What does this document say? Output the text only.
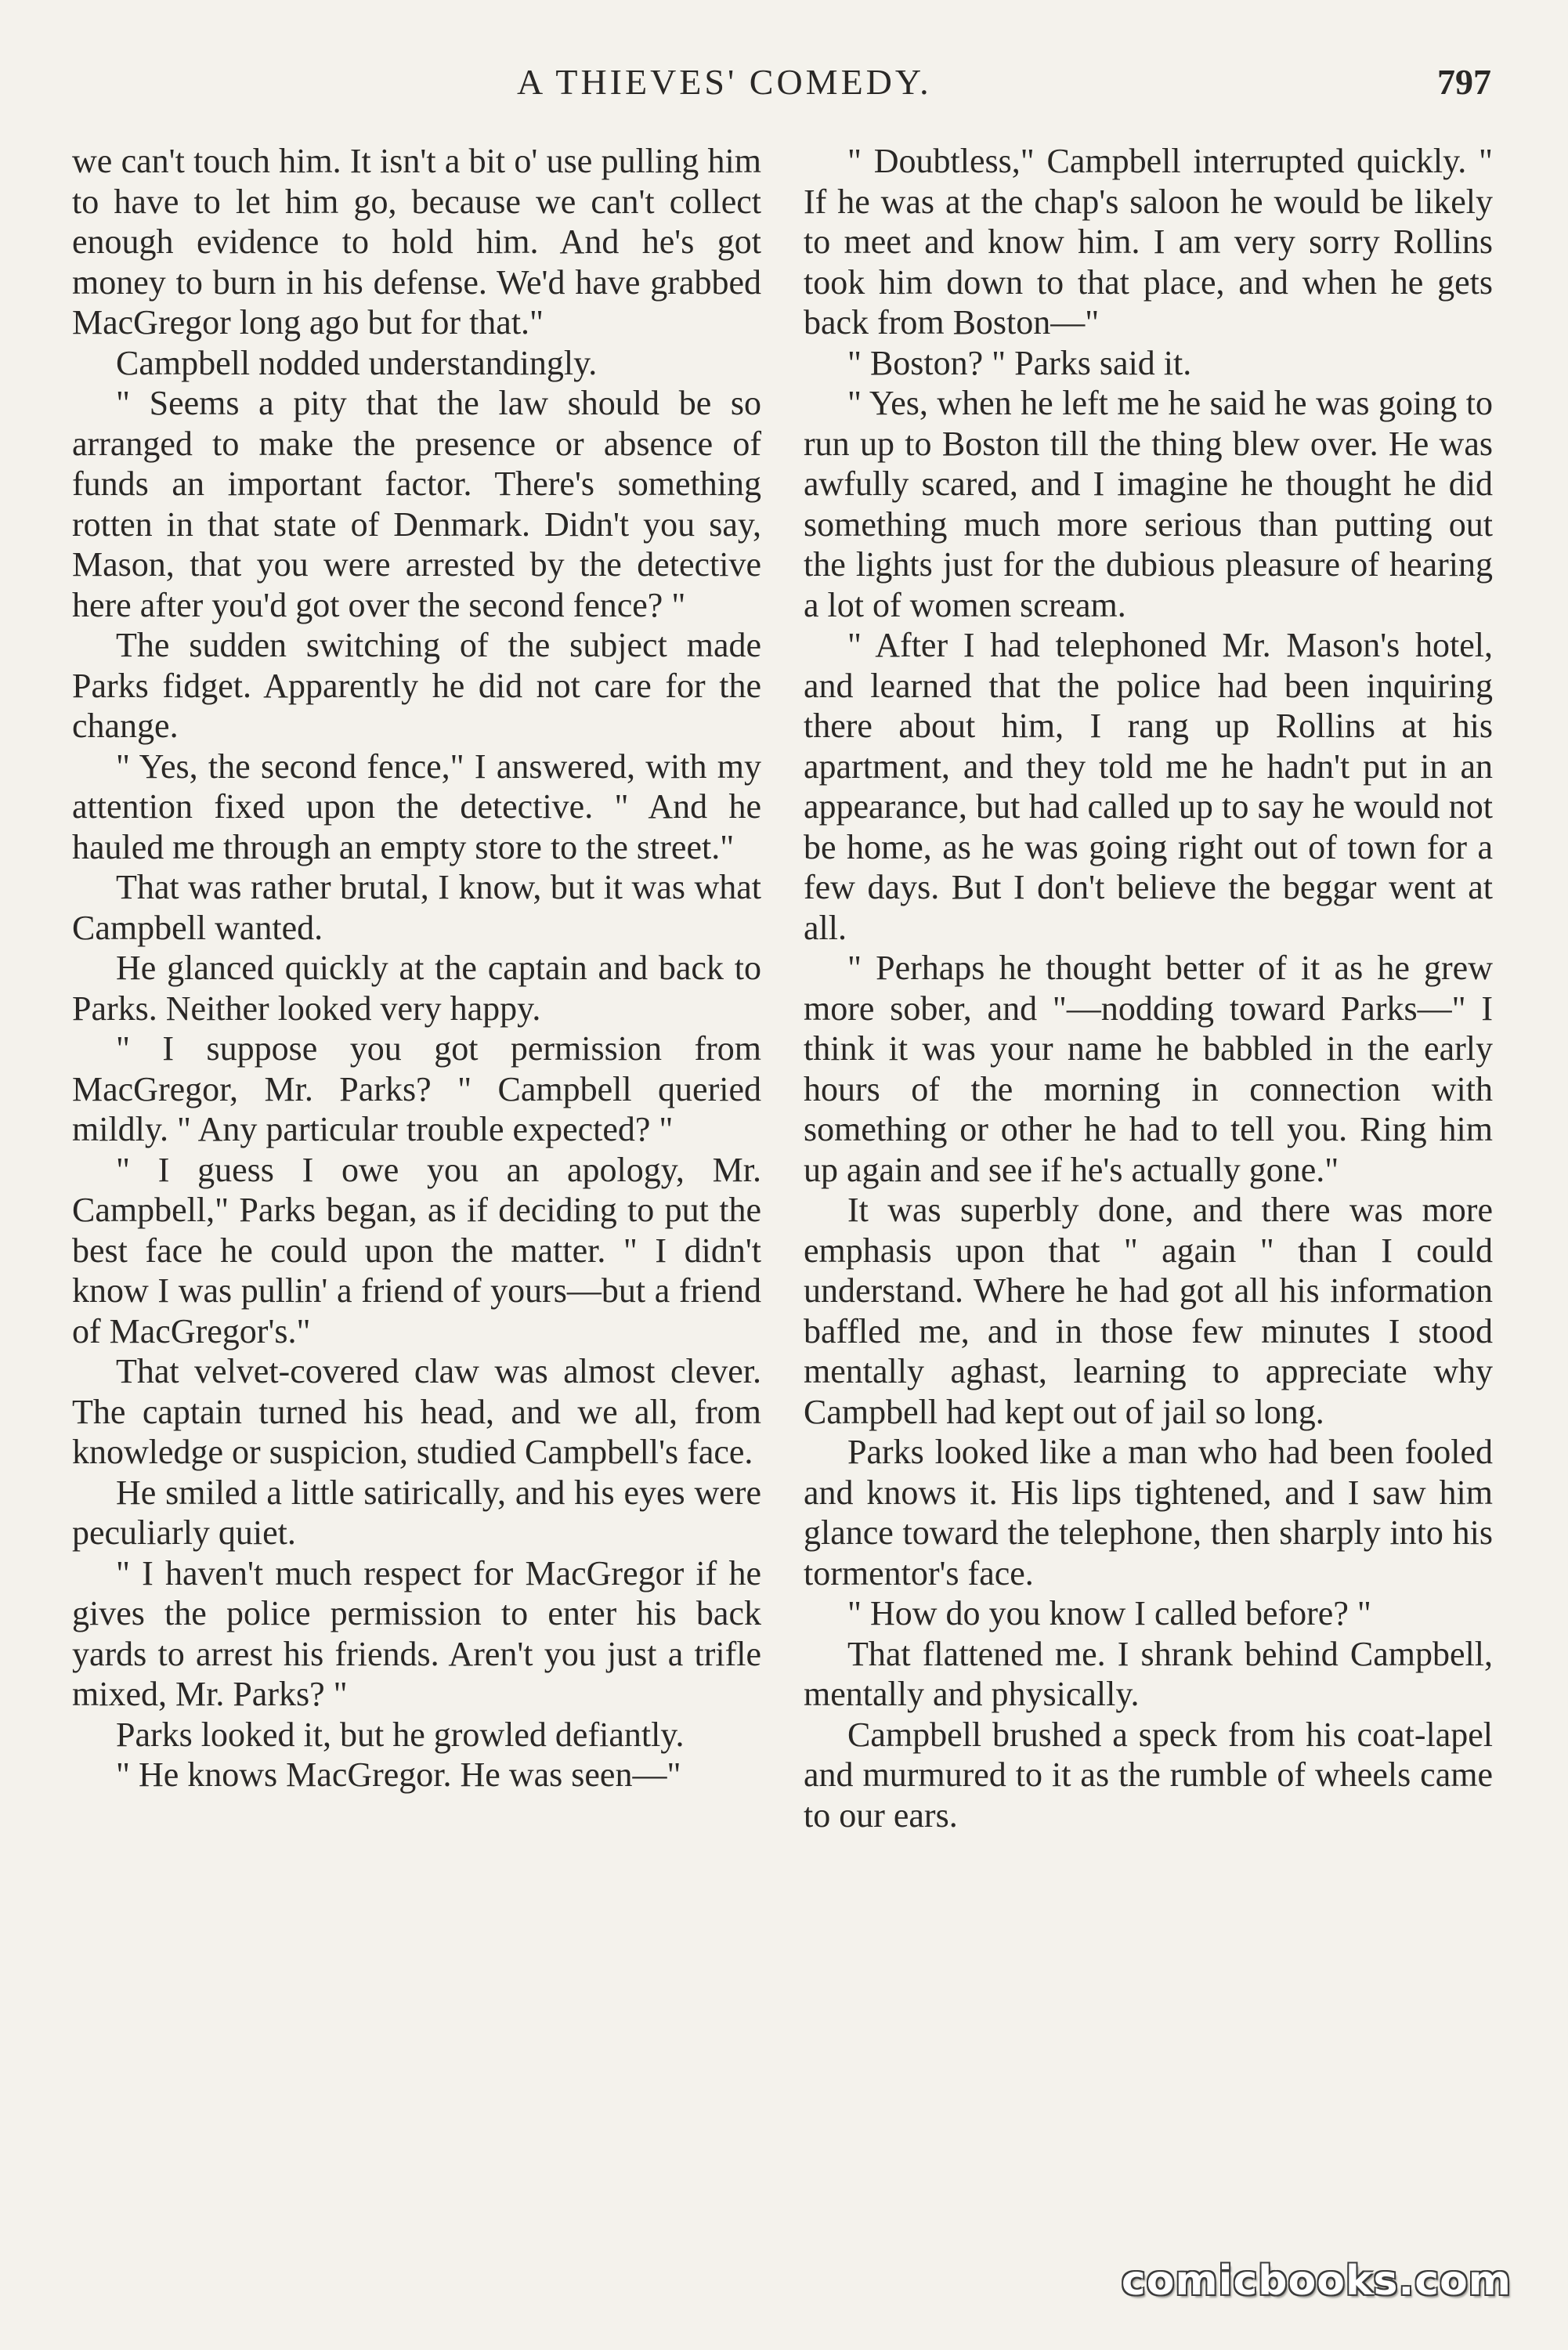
A THIEVES' COMEDY.	797

we can't touch him. It isn't a bit o' use pulling him to have to let him go, because we can't collect enough evidence to hold him. And he's got money to burn in his defense. We'd have grabbed MacGregor long ago but for that."

Campbell nodded understandingly.

" Seems a pity that the law should be so arranged to make the presence or absence of funds an important factor. There's something rotten in that state of Denmark. Didn't you say, Mason, that you were arrested by the detective here after you'd got over the second fence? "

The sudden switching of the subject made Parks fidget. Apparently he did not care for the change.

" Yes, the second fence," I answered, with my attention fixed upon the detective. " And he hauled me through an empty store to the street."

That was rather brutal, I know, but it was what Campbell wanted.

He glanced quickly at the captain and back to Parks. Neither looked very happy.

" I suppose you got permission from MacGregor, Mr. Parks? " Campbell queried mildly. " Any particular trouble expected? "

" I guess I owe you an apology, Mr. Campbell," Parks began, as if deciding to put the best face he could upon the matter. " I didn't know I was pullin' a friend of yours—but a friend of MacGregor's."

That velvet-covered claw was almost clever. The captain turned his head, and we all, from knowledge or suspicion, studied Campbell's face.

He smiled a little satirically, and his eyes were peculiarly quiet.

" I haven't much respect for MacGregor if he gives the police permission to enter his back yards to arrest his friends. Aren't you just a trifle mixed, Mr. Parks? "

Parks looked it, but he growled defiantly.

" He knows MacGregor. He was seen—"

" Doubtless," Campbell interrupted quickly. " If he was at the chap's saloon he would be likely to meet and know him. I am very sorry Rollins took him down to that place, and when he gets back from Boston—"

" Boston? " Parks said it.

" Yes, when he left me he said he was going to run up to Boston till the thing blew over. He was awfully scared, and I imagine he thought he did something much more serious than putting out the lights just for the dubious pleasure of hearing a lot of women scream.

" After I had telephoned Mr. Mason's hotel, and learned that the police had been inquiring there about him, I rang up Rollins at his apartment, and they told me he hadn't put in an appearance, but had called up to say he would not be home, as he was going right out of town for a few days. But I don't believe the beggar went at all.

" Perhaps he thought better of it as he grew more sober, and "—nodding toward Parks—" I think it was your name he babbled in the early hours of the morning in connection with something or other he had to tell you. Ring him up again and see if he's actually gone."

It was superbly done, and there was more emphasis upon that " again " than I could understand. Where he had got all his information baffled me, and in those few minutes I stood mentally aghast, learning to appreciate why Campbell had kept out of jail so long.

Parks looked like a man who had been fooled and knows it. His lips tightened, and I saw him glance toward the telephone, then sharply into his tormentor's face.

" How do you know I called before? "

That flattened me. I shrank behind Campbell, mentally and physically.

Campbell brushed a speck from his coat-lapel and murmured to it as the rumble of wheels came to our ears.

comicbooks.com
